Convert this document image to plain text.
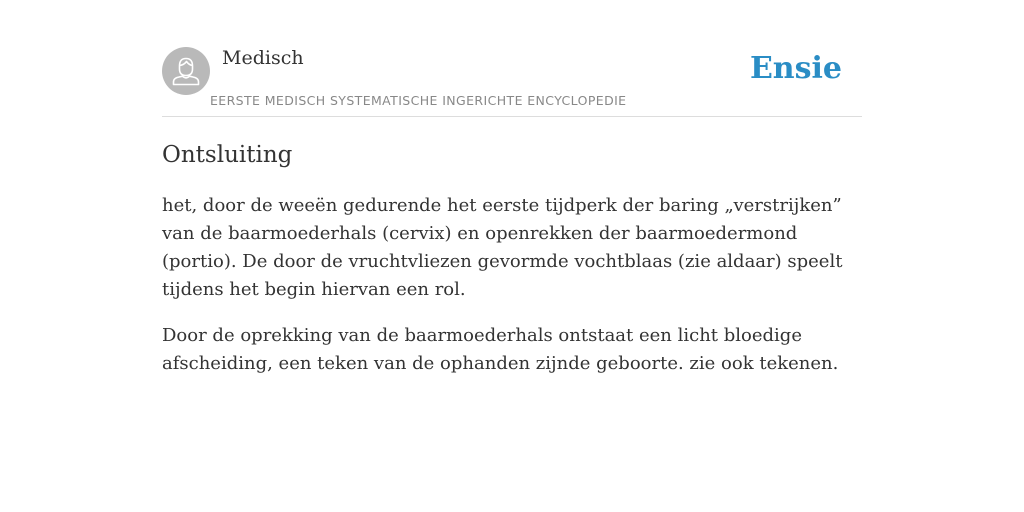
Medisch
EERSTE MEDISCH SYSTEMATISCHE INGERICHTE ENCYCLOPEDIE
Ensie
Ontsluiting

het, door de weeën gedurende het eerste tijdperk der baring „verstrijken” van de baarmoederhals (cervix) en openrekken der baarmoedermond (portio). De door de vruchtvliezen gevormde vochtblaas (zie aldaar) speelt tijdens het begin hiervan een rol.

Door de oprekking van de baarmoederhals ontstaat een licht bloedige afscheiding, een teken van de ophanden zijnde geboorte. zie ook tekenen.
